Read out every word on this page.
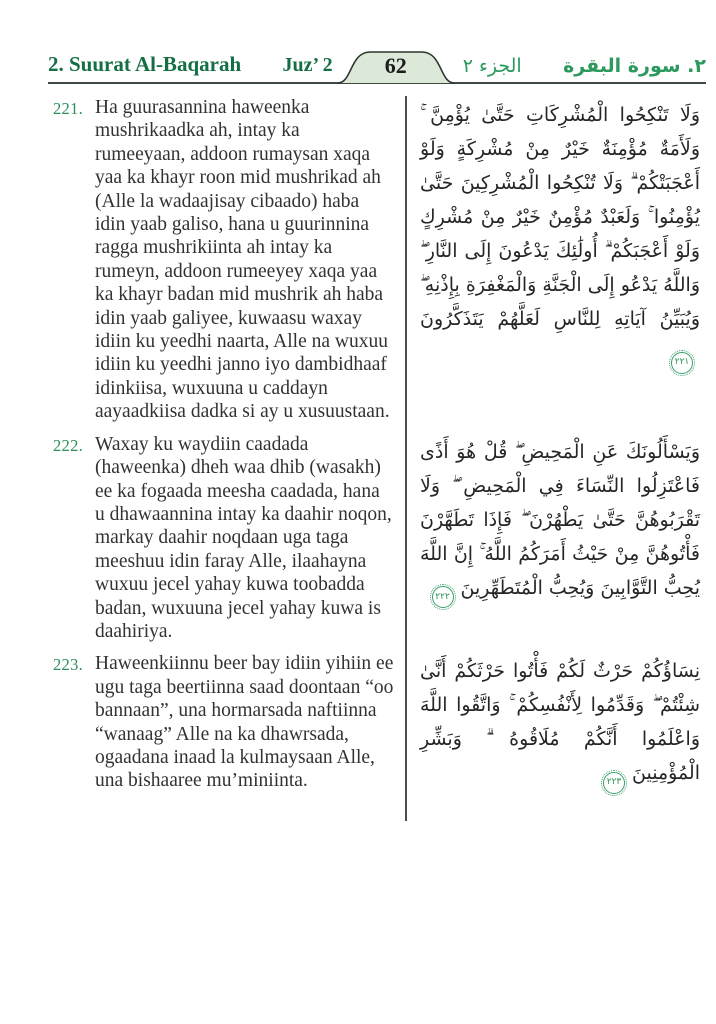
2. Suurat Al-Baqarah Juz’ 2	62	الجزء ٢ ٢. سورة البقرة
221. Ha guurasannina haweenka mushrikaadka ah, intay ka rumeeyaan, addoon rumaysan xaqa yaa ka khayr roon mid mushrikad ah (Alle la wadaajisay cibaado) haba idin yaab galiso, hana u guurinnina ragga mushrikiinta ah intay ka rumeyn, addoon rumeeyey xaqa yaa ka khayr badan mid mushrik ah haba idin yaab galiyee, kuwaasu waxay idiin ku yeedhi naarta, Alle na wuxuu idiin ku yeedhi janno iyo dambidhaaf idinkiisa, wuxuuna u caddayn aayaadkiisa dadka si ay u xusuustaan.

222. Waxay ku waydiin caadada (haweenka) dheh waa dhib (wasakh) ee ka fogaada meesha caadada, hana u dhawaannina intay ka daahir noqon, markay daahir noqdaan uga taga meeshuu idin faray Alle, ilaahayna wuxuu jecel yahay kuwa toobadda badan, wuxuuna jecel yahay kuwa is daahiriya.

223. Haweenkiinnu beer bay idiin yihiin ee ugu taga beertiinna saad doontaan “oo bannaan”, una hormarsada naftiinna “wanaag” Alle na ka dhawrsada, ogaadana inaad la kulmaysaan Alle, una bishaaree mu’miniinta.

وَلَا تَنْكِحُوا الْمُشْرِكَاتِ حَتَّىٰ يُؤْمِنَّ ۚ وَلَأَمَةٌ مُؤْمِنَةٌ خَيْرٌ مِنْ مُشْرِكَةٍ وَلَوْ أَعْجَبَتْكُمْ ۗ وَلَا تُنْكِحُوا الْمُشْرِكِينَ حَتَّىٰ يُؤْمِنُوا ۚ وَلَعَبْدٌ مُؤْمِنٌ خَيْرٌ مِنْ مُشْرِكٍ وَلَوْ أَعْجَبَكُمْ ۗ أُولَٰئِكَ يَدْعُونَ إِلَى النَّارِ ۖ وَاللَّهُ يَدْعُو إِلَى الْجَنَّةِ وَالْمَغْفِرَةِ بِإِذْنِهِ ۖ وَيُبَيِّنُ آيَاتِهِ لِلنَّاسِ لَعَلَّهُمْ يَتَذَكَّرُونَ
٢٢١

وَيَسْأَلُونَكَ عَنِ الْمَحِيضِ ۖ قُلْ هُوَ أَذًى فَاعْتَزِلُوا النِّسَاءَ فِي الْمَحِيضِ ۖ وَلَا تَقْرَبُوهُنَّ حَتَّىٰ يَطْهُرْنَ ۖ فَإِذَا تَطَهَّرْنَ فَأْتُوهُنَّ مِنْ حَيْثُ أَمَرَكُمُ اللَّهُ ۚ إِنَّ اللَّهَ يُحِبُّ التَّوَّابِينَ وَيُحِبُّ الْمُتَطَهِّرِينَ
٢٢٢

نِسَاؤُكُمْ حَرْثٌ لَكُمْ فَأْتُوا حَرْثَكُمْ أَنَّىٰ شِئْتُمْ ۖ وَقَدِّمُوا لِأَنْفُسِكُمْ ۚ وَاتَّقُوا اللَّهَ وَاعْلَمُوا أَنَّكُمْ مُلَاقُوهُ ۗ وَبَشِّرِ الْمُؤْمِنِينَ
٢٢٣
